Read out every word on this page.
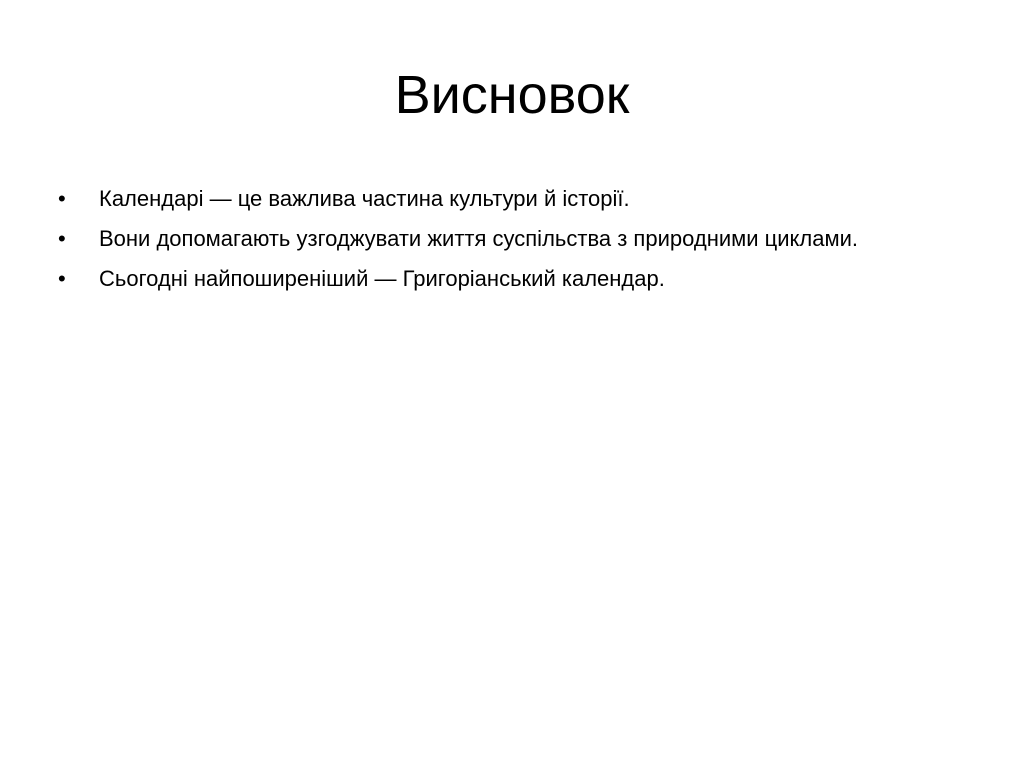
Висновок
•	Календарі — це важлива частина культури й історії.
•	Вони допомагають узгоджувати життя суспільства з природними циклами.
•	Сьогодні найпоширеніший — Григоріанський календар.
